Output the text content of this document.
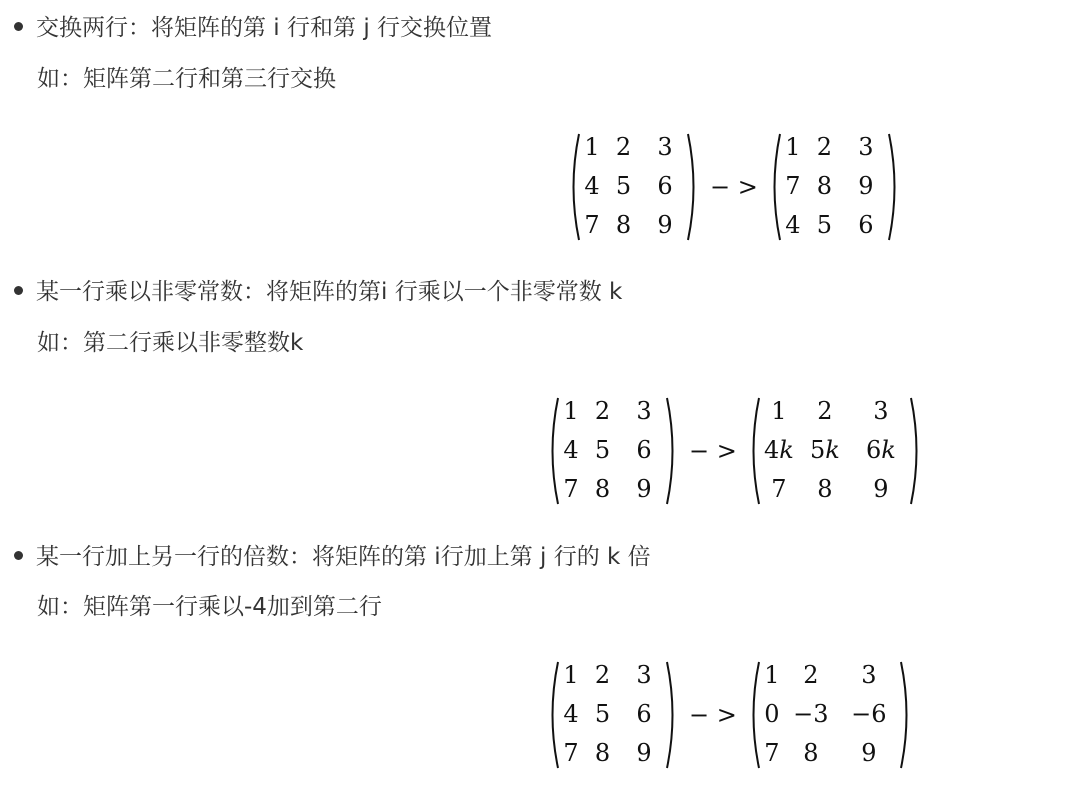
交换两行：将矩阵的第 i 行和第 j 行交换位置
如：矩阵第二行和第三行交换
1 2	3
4 5	6
7 8	9
− >
1 2	3
7 8	9
4 5	6
某一行乘以非零常数：将矩阵的第i 行乘以一个非零常数 k
如：第二行乘以非零整数k
1 2	3
4 5	6
7 8	9
− >
1	2	3
4k 5k	6k
7	8	9
某一行加上另一行的倍数：将矩阵的第 i行加上第 j 行的 k 倍
如：矩阵第一行乘以-4加到第二行
1 2	3
4 5	6
7 8	9
− >
1 2	3
0 −3 −6
7 8	9
